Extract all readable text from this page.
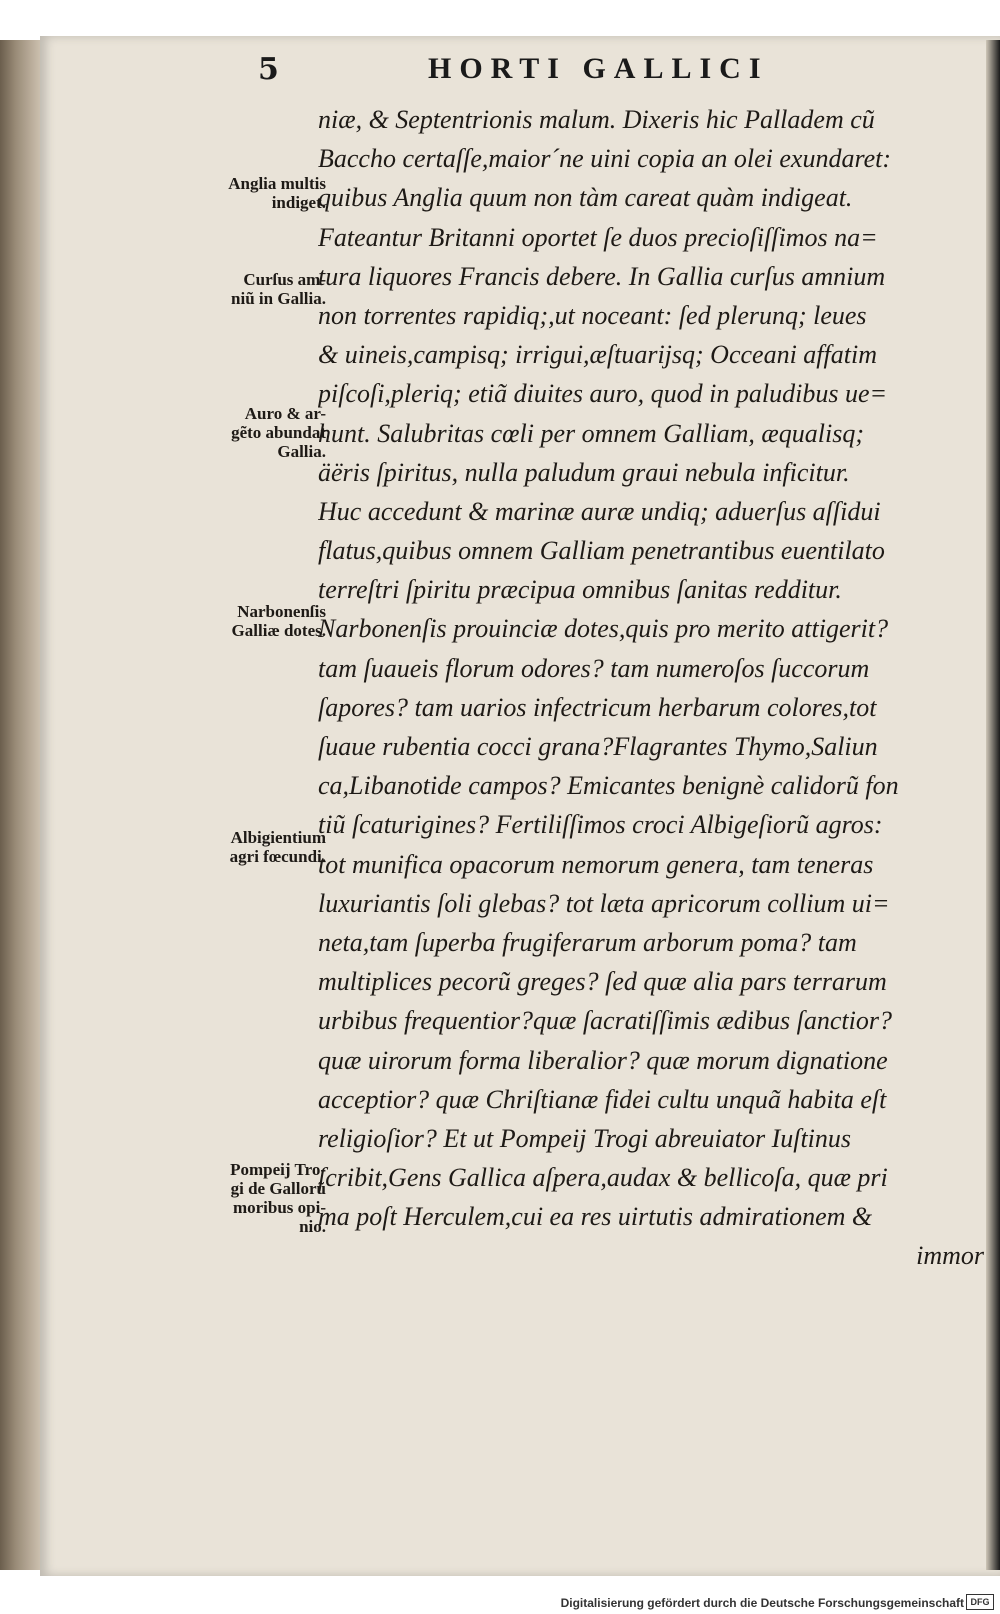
5	HORTI GALLICI
niæ, & Septentrionis malum. Dixeris hic Palladem cũ
Baccho certaſſe,maior´ne uini copia an olei exundaret:
quibus Anglia quum non tàm careat quàm indigeat.
Fateantur Britanni oportet ſe duos precioſiſſimos na=
tura liquores Francis debere. In Gallia curſus amnium
non torrentes rapidiq;,ut noceant: ſed plerunq; leues
& uineis,campisq; irrigui,æſtuarijsq; Occeani affatim
piſcoſi,pleriq; etiã diuites auro, quod in paludibus ue=
hunt. Salubritas cœli per omnem Galliam, æqualisq;
äëris ſpiritus, nulla paludum graui nebula inficitur.
Huc accedunt & marinæ auræ undiq; aduerſus aſſidui
flatus,quibus omnem Galliam penetrantibus euentilato
terreſtri ſpiritu præcipua omnibus ſanitas redditur.
Narbonenſis prouinciæ dotes,quis pro merito attigerit?
tam ſuaueis florum odores? tam numeroſos ſuccorum
ſapores? tam uarios infectricum herbarum colores,tot
ſuaue rubentia cocci grana?Flagrantes Thymo,Saliun
ca,Libanotide campos? Emicantes benignè calidorũ fon
tiũ ſcaturigines? Fertiliſſimos croci Albigeſiorũ agros:
tot munifica opacorum nemorum genera, tam teneras
luxuriantis ſoli glebas? tot læta apricorum collium ui=
neta,tam ſuperba frugiferarum arborum poma? tam
multiplices pecorũ greges? ſed quæ alia pars terrarum
urbibus frequentior?quæ ſacratiſſimis ædibus ſanctior?
quæ uirorum forma liberalior? quæ morum dignatione
acceptior? quæ Chriſtianæ fidei cultu unquã habita eſt
religioſior? Et ut Pompeij Trogi abreuiator Iuſtinus
ſcribit,Gens Gallica aſpera,audax & bellicoſa, quæ pri
ma poſt Herculem,cui ea res uirtutis admirationem &
immor
Anglia multis
indiget.
Curſus am-
niũ in Gallia.
Auro & ar-
gẽto abundat
Gallia.
Narbonenſis
Galliæ dotes.
Albigientium
agri fœcundi.
Pompeij Tro-
gi de Gallorũ
moribus opi-
nio.
Digitalisierung gefördert durch die Deutsche Forschungsgemeinschaft DFG
